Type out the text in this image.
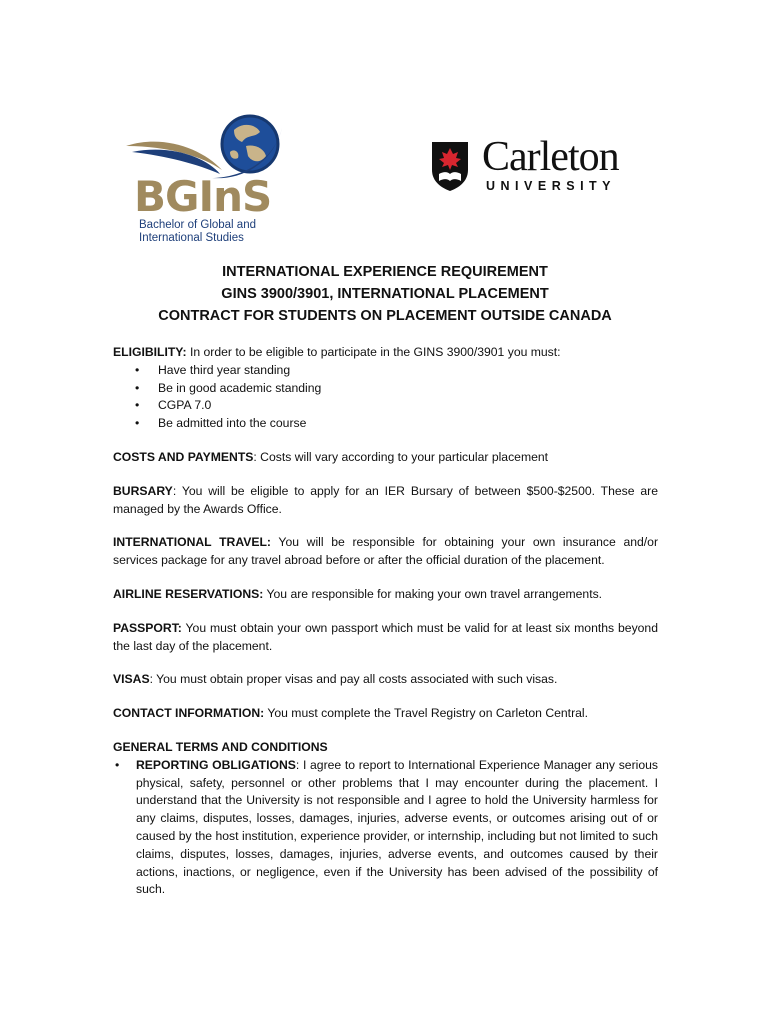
BGInS
Bachelor of Global and
International Studies
Carleton
UNIVERSITY
INTERNATIONAL EXPERIENCE REQUIREMENT
GINS 3900/3901, INTERNATIONAL PLACEMENT
CONTRACT FOR STUDENTS ON PLACEMENT OUTSIDE CANADA

ELIGIBILITY: In order to be eligible to participate in the GINS 3900/3901 you must:

• Have third year standing
• Be in good academic standing
• CGPA 7.0
• Be admitted into the course

COSTS AND PAYMENTS: Costs will vary according to your particular placement

BURSARY: You will be eligible to apply for an IER Bursary of between $500-$2500. These are managed by the Awards Office.

INTERNATIONAL TRAVEL: You will be responsible for obtaining your own insurance and/or services package for any travel abroad before or after the official duration of the placement.

AIRLINE RESERVATIONS: You are responsible for making your own travel arrangements.

PASSPORT: You must obtain your own passport which must be valid for at least six months beyond the last day of the placement.

VISAS: You must obtain proper visas and pay all costs associated with such visas.

CONTACT INFORMATION: You must complete the Travel Registry on Carleton Central.

GENERAL TERMS AND CONDITIONS

• REPORTING OBLIGATIONS: I agree to report to International Experience Manager any serious physical, safety, personnel or other problems that I may encounter during the placement. I understand that the University is not responsible and I agree to hold the University harmless for any claims, disputes, losses, damages, injuries, adverse events, or outcomes arising out of or caused by the host institution, experience provider, or internship, including but not limited to such claims, disputes, losses, damages, injuries, adverse events, and outcomes caused by their actions, inactions, or negligence, even if the University has been advised of the possibility of such.
